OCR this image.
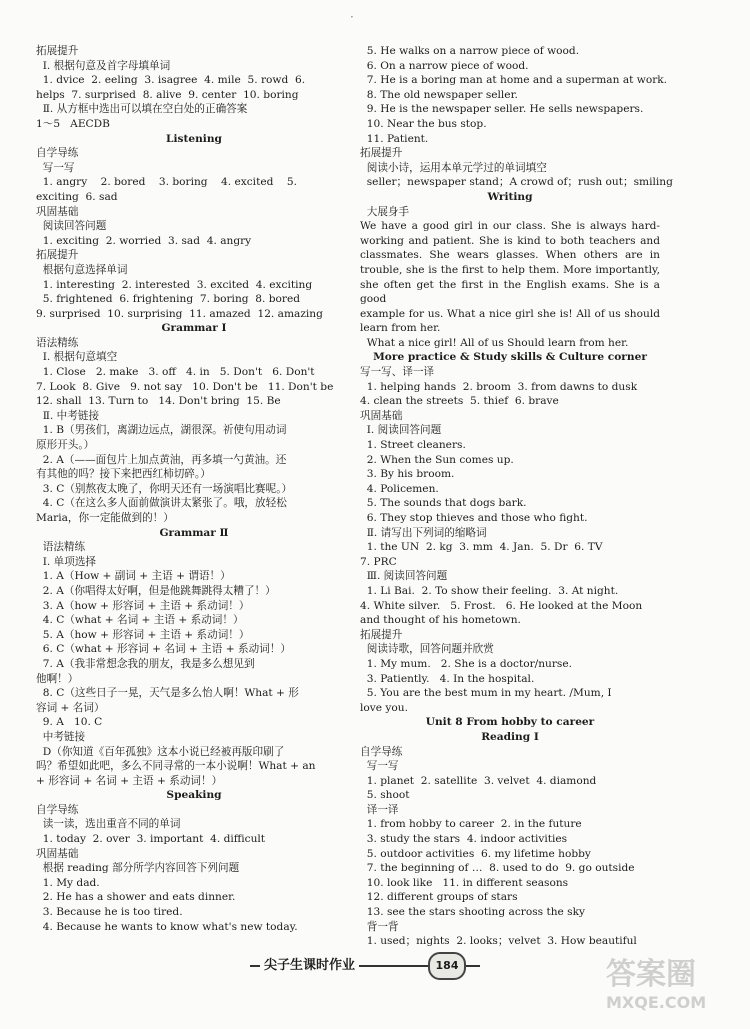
·
拓展提升
Ⅰ. 根据句意及首字母填单词
1. dvice  2. eeling  3. isagree  4. mile  5. rowd  6.
helps  7. surprised  8. alive  9. center  10. boring
Ⅱ. 从方框中选出可以填在空白处的正确答案
1～5   AECDB
Listening
自学导练
写一写
1. angry    2. bored    3. boring    4. excited    5.
exciting  6. sad
巩固基础
阅读回答问题
1. exciting  2. worried  3. sad  4. angry
拓展提升
根据句意选择单词
1. interesting  2. interested  3. excited  4. exciting
5. frightened  6. frightening  7. boring  8. bored
9. surprised  10. surprising  11. amazed  12. amazing
Grammar Ⅰ
语法精练
Ⅰ. 根据句意填空
1. Close   2. make   3. off   4. in   5. Don't   6. Don't
7. Look  8. Give   9. not say   10. Don't be   11. Don't be
12. shall  13. Turn to   14. Don't bring  15. Be
Ⅱ. 中考链接
1. B（男孩们，离湖边远点，湖很深。祈使句用动词
原形开头。）
2. A（——面包片上加点黄油，再多填一勺黄油。还
有其他的吗？接下来把西红柿切碎。）
3. C（别熬夜太晚了，你明天还有一场演唱比赛呢。）
4. C（在这么多人面前做演讲太紧张了。哦，放轻松
Maria，你一定能做到的！）
Grammar Ⅱ
语法精练
Ⅰ. 单项选择
1. A（How + 副词 + 主语 + 谓语！）
2. A（你唱得太好啊，但是他跳舞跳得太糟了！）
3. A（how + 形容词 + 主语 + 系动词！）
4. C（what + 名词 + 主语 + 系动词！）
5. A（how + 形容词 + 主语 + 系动词！）
6. C（what + 形容词 + 名词 + 主语 + 系动词！）
7. A（我非常想念我的朋友，我是多么想见到
他啊！）
8. C（这些日子一晃，天气是多么怡人啊！What + 形
容词 + 名词）
9. A   10. C
中考链接
D（你知道《百年孤独》这本小说已经被再版印刷了
吗？希望如此吧，多么不同寻常的一本小说啊！What + an
+ 形容词 + 名词 + 主语 + 系动词！）
Speaking
自学导练
读一读，选出重音不同的单词
1. today  2. over  3. important  4. difficult
巩固基础
根据 reading 部分所学内容回答下列问题
1. My dad.
2. He has a shower and eats dinner.
3. Because he is too tired.
4. Because he wants to know what's new today.
5. He walks on a narrow piece of wood.
6. On a narrow piece of wood.
7. He is a boring man at home and a superman at work.
8. The old newspaper seller.
9. He is the newspaper seller. He sells newspapers.
10. Near the bus stop.
11. Patient.
拓展提升
阅读小诗，运用本单元学过的单词填空
seller；newspaper stand；A crowd of；rush out；smiling
Writing
大展身手
We have a good girl in our class. She is always hard-
working and patient. She is kind to both teachers and
classmates. She wears glasses. When others are in
trouble, she is the first to help them. More importantly,
she often get the first in the English exams. She is a good
example for us. What a nice girl she is! All of us should
learn from her.
What a nice girl! All of us Should learn from her.
More practice & Study skills & Culture corner
写一写、译一译
1. helping hands  2. broom  3. from dawns to dusk
4. clean the streets  5. thief  6. brave
巩固基础
Ⅰ. 阅读回答问题
1. Street cleaners.
2. When the Sun comes up.
3. By his broom.
4. Policemen.
5. The sounds that dogs bark.
6. They stop thieves and those who fight.
Ⅱ. 请写出下列词的缩略词
1. the UN  2. kg  3. mm  4. Jan.  5. Dr  6. TV
7. PRC
Ⅲ. 阅读回答问题
1. Li Bai.  2. To show their feeling.  3. At night.
4. White silver.   5. Frost.   6. He looked at the Moon
and thought of his hometown.
拓展提升
阅读诗歌，回答问题并欣赏
1. My mum.   2. She is a doctor/nurse.
3. Patiently.   4. In the hospital.
5. You are the best mum in my heart. /Mum, I
love you.
Unit 8 From hobby to career
Reading Ⅰ
自学导练
写一写
1. planet  2. satellite  3. velvet  4. diamond
5. shoot
译一译
1. from hobby to career  2. in the future
3. study the stars  4. indoor activities
5. outdoor activities  6. my lifetime hobby
7. the beginning of …  8. used to do  9. go outside
10. look like   11. in different seasons
12. different groups of stars
13. see the stars shooting across the sky
背一背
1. used；nights  2. looks；velvet  3. How beautiful
尖子生课时作业	184	答案圈
MXQE.COM
